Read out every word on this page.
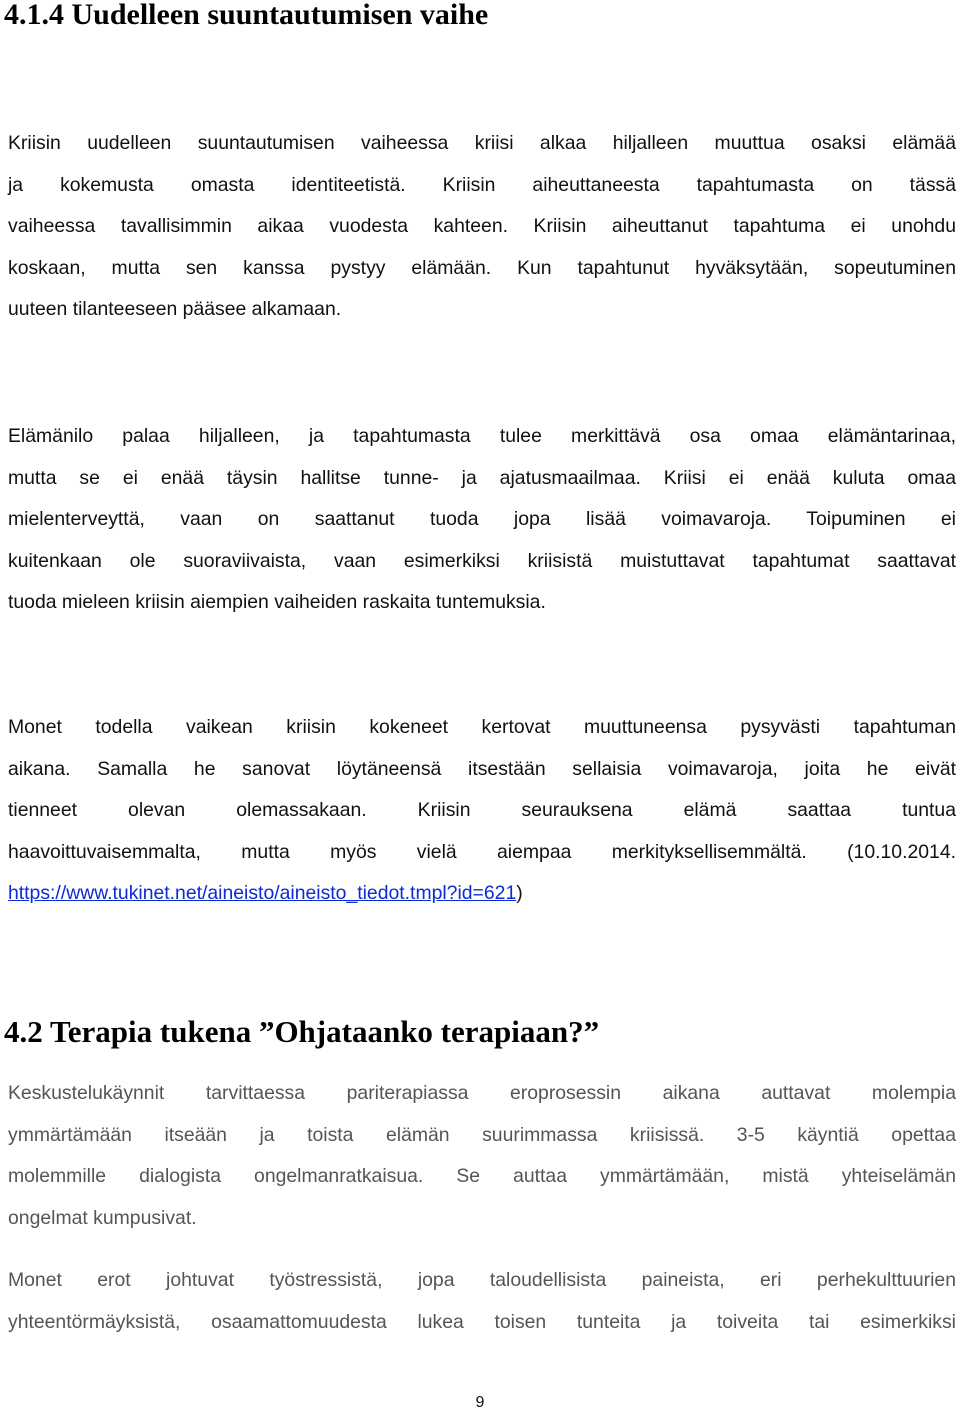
4.1.4 Uudelleen suuntautumisen vaihe
Kriisin uudelleen suuntautumisen vaiheessa kriisi alkaa hiljalleen muuttua osaksi elämää
ja kokemusta omasta identiteetistä. Kriisin aiheuttaneesta tapahtumasta on tässä
vaiheessa tavallisimmin aikaa vuodesta kahteen. Kriisin aiheuttanut tapahtuma ei unohdu
koskaan, mutta sen kanssa pystyy elämään. Kun tapahtunut hyväksytään, sopeutuminen
uuteen tilanteeseen pääsee alkamaan.
Elämänilo palaa hiljalleen, ja tapahtumasta tulee merkittävä osa omaa elämäntarinaa,
mutta se ei enää täysin hallitse tunne- ja ajatusmaailmaa. Kriisi ei enää kuluta omaa
mielenterveyttä, vaan on saattanut tuoda jopa lisää voimavaroja. Toipuminen ei
kuitenkaan ole suoraviivaista, vaan esimerkiksi kriisistä muistuttavat tapahtumat saattavat
tuoda mieleen kriisin aiempien vaiheiden raskaita tuntemuksia.
Monet todella vaikean kriisin kokeneet kertovat muuttuneensa pysyvästi tapahtuman
aikana. Samalla he sanovat löytäneensä itsestään sellaisia voimavaroja, joita he eivät
tienneet olevan olemassakaan. Kriisin seurauksena elämä saattaa tuntua
haavoittuvaisemmalta, mutta myös vielä aiempaa merkityksellisemmältä. (10.10.2014.
https://www.tukinet.net/aineisto/aineisto_tiedot.tmpl?id=621)
4.2 Terapia tukena ”Ohjataanko terapiaan?”
Keskustelukäynnit tarvittaessa pariterapiassa eroprosessin aikana auttavat molempia
ymmärtämään itseään ja toista elämän suurimmassa kriisissä. 3-5 käyntiä opettaa
molemmille dialogista ongelmanratkaisua. Se auttaa ymmärtämään, mistä yhteiselämän
ongelmat kumpusivat.
Monet erot johtuvat työstressistä, jopa taloudellisista paineista, eri perhekulttuurien
yhteentörmäyksistä, osaamattomuudesta lukea toisen tunteita ja toiveita tai esimerkiksi
9
